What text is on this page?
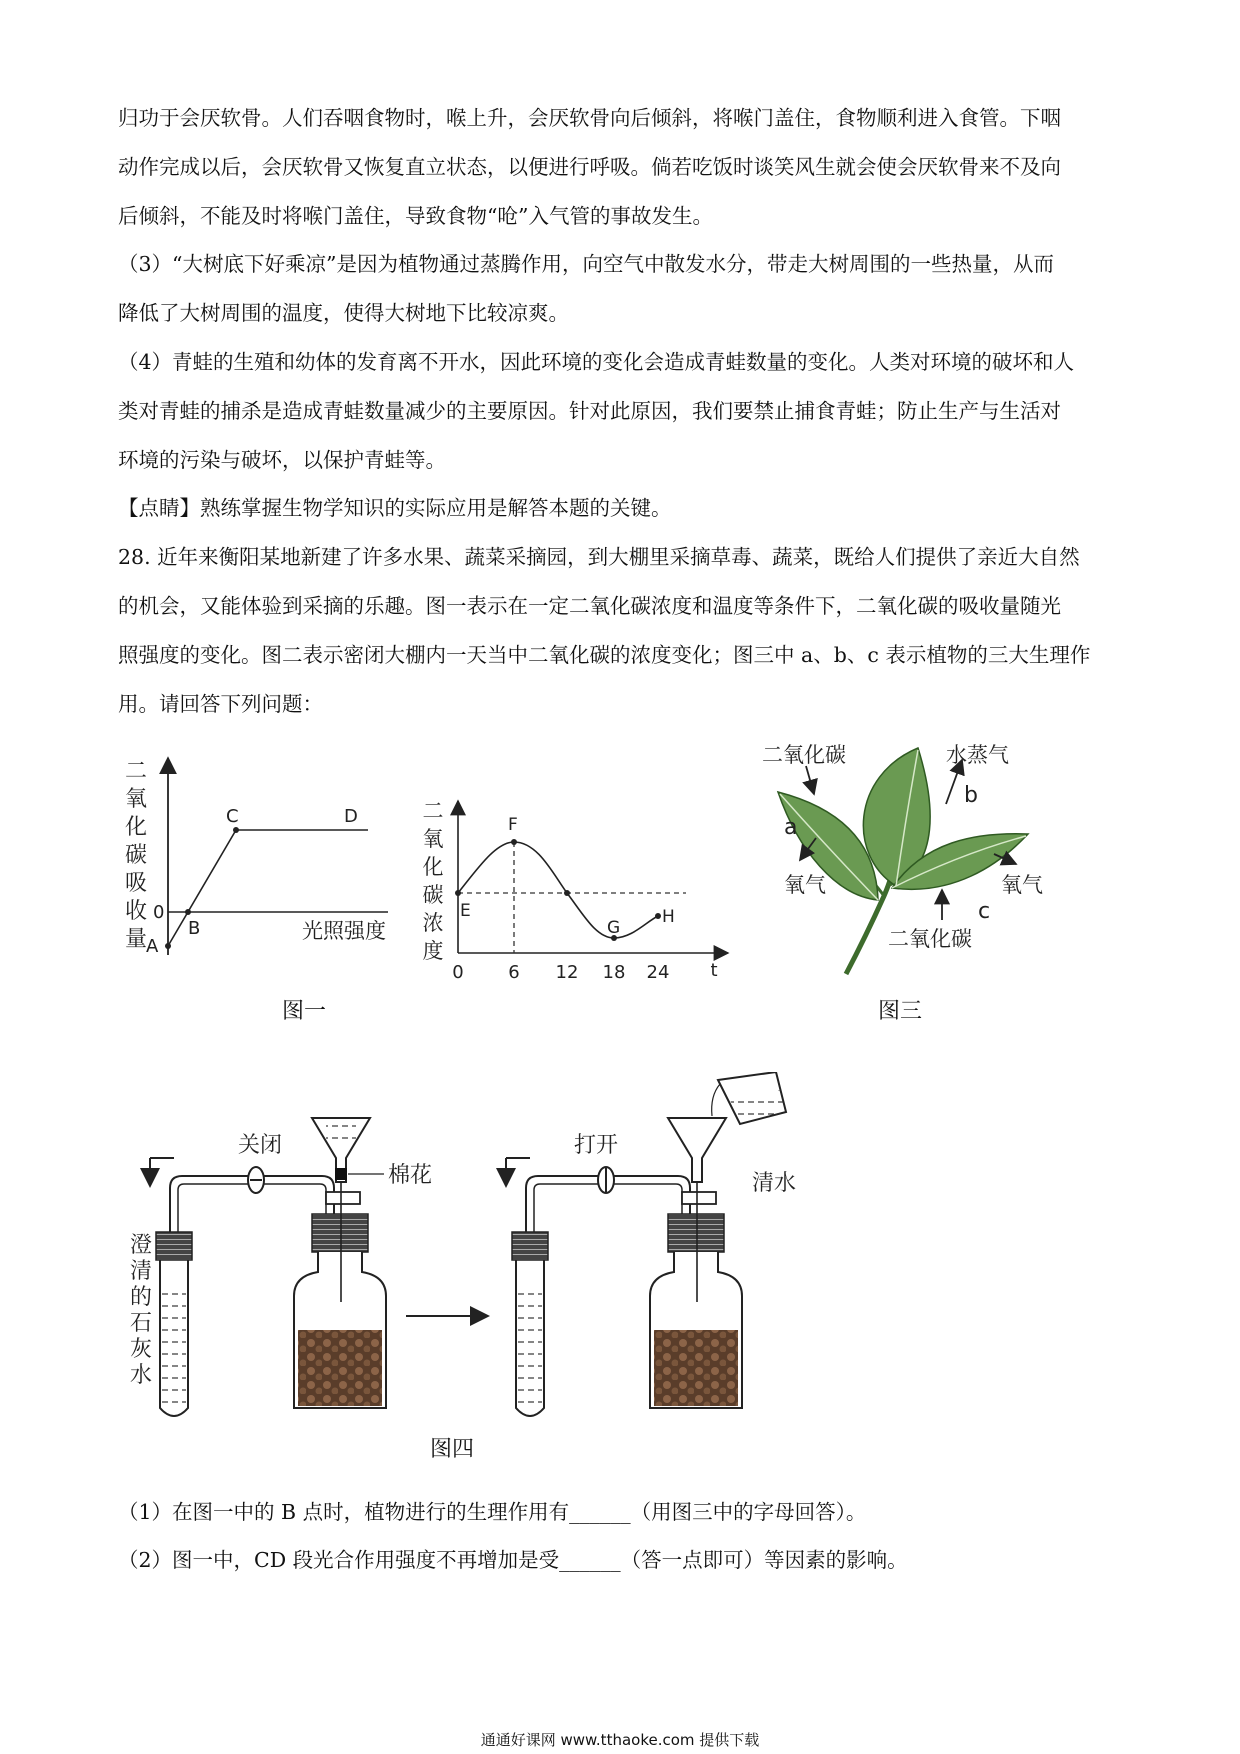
归功于会厌软骨。人们吞咽食物时，喉上升，会厌软骨向后倾斜，将喉门盖住，食物顺利进入食管。下咽
动作完成以后，会厌软骨又恢复直立状态，以便进行呼吸。倘若吃饭时谈笑风生就会使会厌软骨来不及向
后倾斜，不能及时将喉门盖住，导致食物“呛”入气管的事故发生。
（3）“大树底下好乘凉”是因为植物通过蒸腾作用，向空气中散发水分，带走大树周围的一些热量，从而
降低了大树周围的温度，使得大树地下比较凉爽。
（4）青蛙的生殖和幼体的发育离不开水，因此环境的变化会造成青蛙数量的变化。人类对环境的破坏和人
类对青蛙的捕杀是造成青蛙数量减少的主要原因。针对此原因，我们要禁止捕食青蛙；防止生产与生活对
环境的污染与破坏，以保护青蛙等。
【点睛】熟练掌握生物学知识的实际应用是解答本题的关键。
28. 近年来衡阳某地新建了许多水果、蔬菜采摘园，到大棚里采摘草毒、蔬菜，既给人们提供了亲近大自然
的机会，又能体验到采摘的乐趣。图一表示在一定二氧化碳浓度和温度等条件下，二氧化碳的吸收量随光
照强度的变化。图二表示密闭大棚内一天当中二氧化碳的浓度变化；图三中 a、b、c 表示植物的三大生理作
用。请回答下列问题：
二
氧
化
碳
吸
收
量
0
A
B
C	D
光照强度
图一
二
氧
化
碳
浓
度
E
F
G
H
0 6 12 18 24 t
二氧化碳
a
氧气
水蒸气
b
氧气
c
二氧化碳
图三
关闭
棉花
澄
清
的
石
灰
水
打开
清水
图四
（1）在图一中的 B 点时，植物进行的生理作用有______（用图三中的字母回答）。
（2）图一中，CD 段光合作用强度不再增加是受______（答一点即可）等因素的影响。
通通好课网 www.tthaoke.com 提供下载
